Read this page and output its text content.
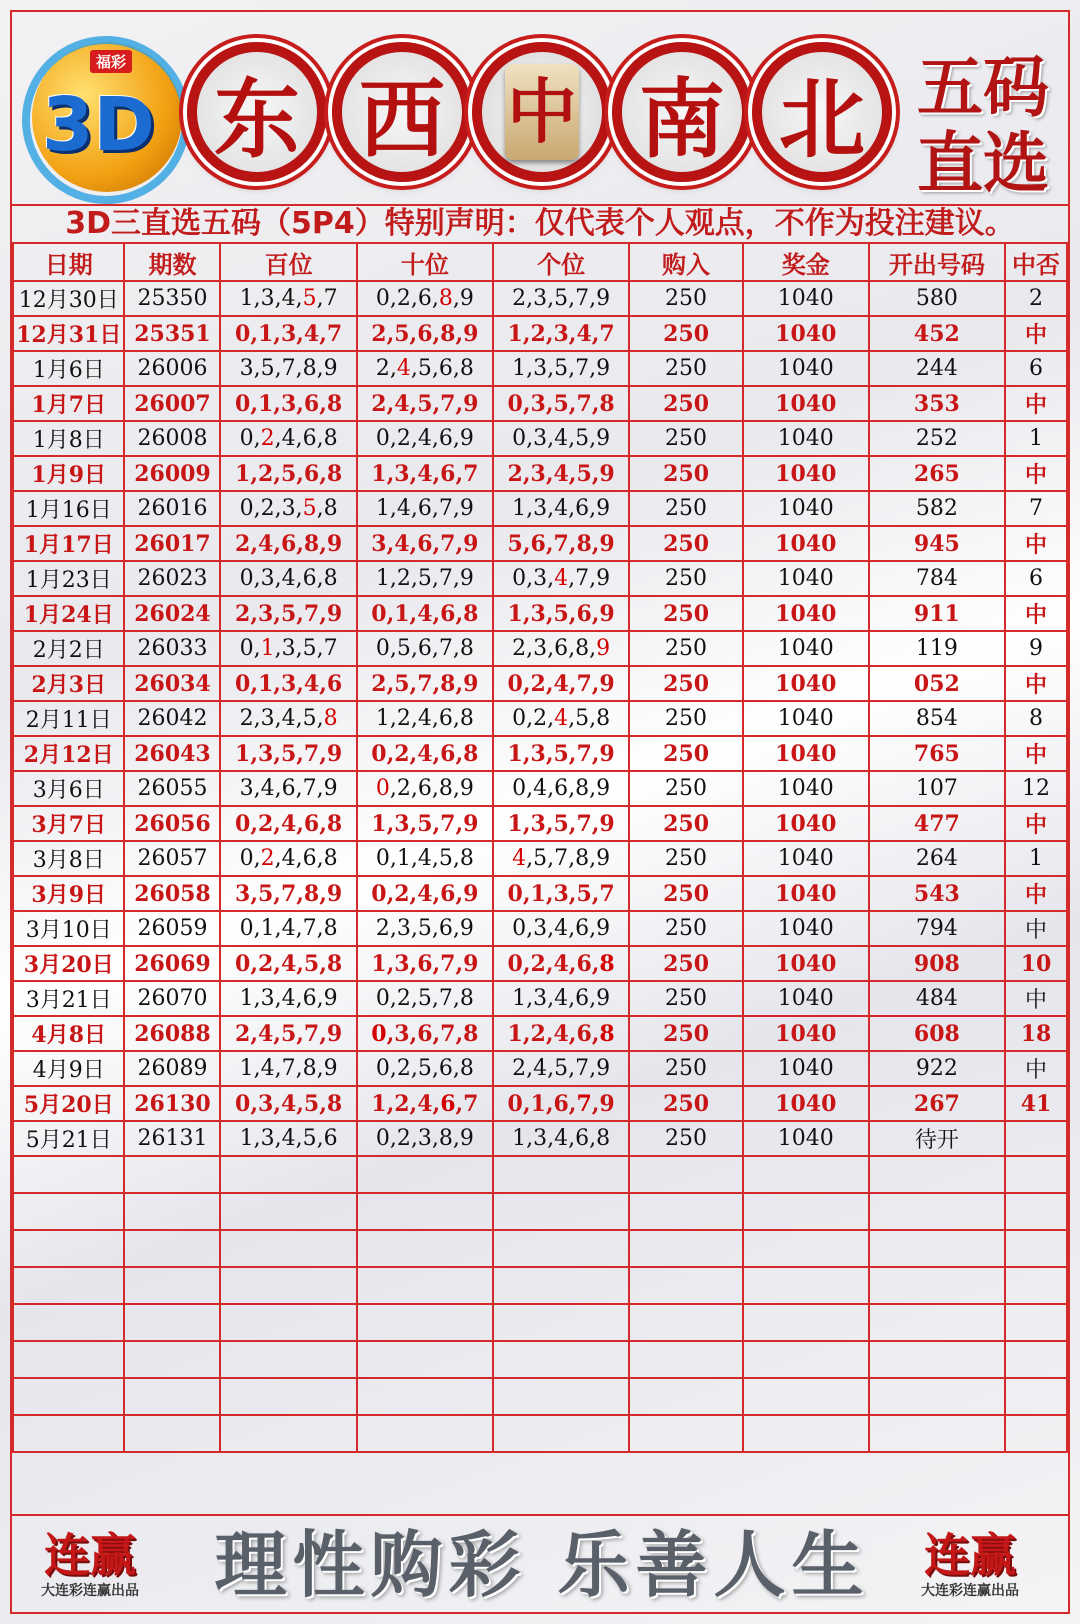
3D
福彩
东 西 中 南 北 五码
直选
3D三直选五码（5P4）特别声明：仅代表个人观点，不作为投注建议。
日期	期数	百位	十位	个位	购入	奖金	开出号码	中否
12月30日	25350	1,3,4,5,7	0,2,6,8,9	2,3,5,7,9	250	1040	580	2
12月31日	25351	0,1,3,4,7	2,5,6,8,9	1,2,3,4,7	250	1040	452	中
1月6日	26006	3,5,7,8,9	2,4,5,6,8	1,3,5,7,9	250	1040	244	6
1月7日	26007	0,1,3,6,8	2,4,5,7,9	0,3,5,7,8	250	1040	353	中
1月8日	26008	0,2,4,6,8	0,2,4,6,9	0,3,4,5,9	250	1040	252	1
1月9日	26009	1,2,5,6,8	1,3,4,6,7	2,3,4,5,9	250	1040	265	中
1月16日	26016	0,2,3,5,8	1,4,6,7,9	1,3,4,6,9	250	1040	582	7
1月17日	26017	2,4,6,8,9	3,4,6,7,9	5,6,7,8,9	250	1040	945	中
1月23日	26023	0,3,4,6,8	1,2,5,7,9	0,3,4,7,9	250	1040	784	6
1月24日	26024	2,3,5,7,9	0,1,4,6,8	1,3,5,6,9	250	1040	911	中
2月2日	26033	0,1,3,5,7	0,5,6,7,8	2,3,6,8,9	250	1040	119	9
2月3日	26034	0,1,3,4,6	2,5,7,8,9	0,2,4,7,9	250	1040	052	中
2月11日	26042	2,3,4,5,8	1,2,4,6,8	0,2,4,5,8	250	1040	854	8
2月12日	26043	1,3,5,7,9	0,2,4,6,8	1,3,5,7,9	250	1040	765	中
3月6日	26055	3,4,6,7,9	0,2,6,8,9	0,4,6,8,9	250	1040	107	12
3月7日	26056	0,2,4,6,8	1,3,5,7,9	1,3,5,7,9	250	1040	477	中
3月8日	26057	0,2,4,6,8	0,1,4,5,8	4,5,7,8,9	250	1040	264	1
3月9日	26058	3,5,7,8,9	0,2,4,6,9	0,1,3,5,7	250	1040	543	中
3月10日	26059	0,1,4,7,8	2,3,5,6,9	0,3,4,6,9	250	1040	794	中
3月20日	26069	0,2,4,5,8	1,3,6,7,9	0,2,4,6,8	250	1040	908	10
3月21日	26070	1,3,4,6,9	0,2,5,7,8	1,3,4,6,9	250	1040	484	中
4月8日	26088	2,4,5,7,9	0,3,6,7,8	1,2,4,6,8	250	1040	608	18
4月9日	26089	1,4,7,8,9	0,2,5,6,8	2,4,5,7,9	250	1040	922	中
5月20日	26130	0,3,4,5,8	1,2,4,6,7	0,1,6,7,9	250	1040	267	41
5月21日	26131	1,3,4,5,6	0,2,3,8,9	1,3,4,6,8	250	1040	待开	

连赢
大连彩连赢出品 理性购彩 乐善人生	连赢
大连彩连赢出品
